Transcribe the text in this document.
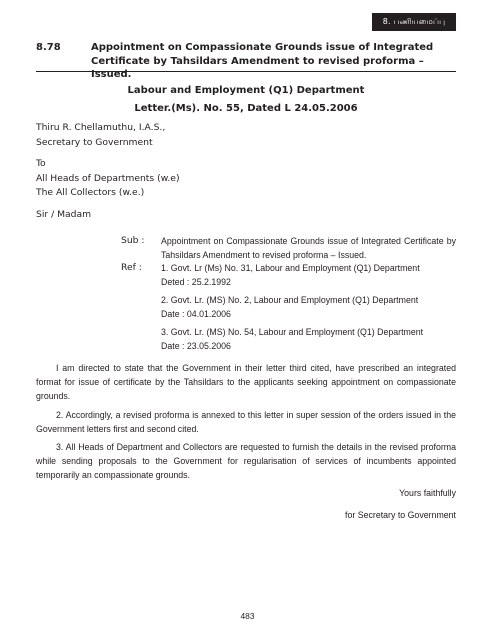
8. பணியமைப்பு
8.78	Appointment on Compassionate Grounds issue of Integrated Certificate by Tahsildars Amendment to revised proforma – Issued.
Labour and Employment (Q1) Department
Letter.(Ms). No. 55, Dated L 24.05.2006
Thiru R. Chellamuthu, I.A.S.,
Secretary to Government
To
All Heads of Departments (w.e)
The All Collectors (w.e.)
Sir / Madam
Sub : Appointment on Compassionate Grounds issue of Integrated Certificate by Tahsildars Amendment to revised proforma – Issued.
Ref : 1. Govt. Lr (Ms) No. 31, Labour and Employment (Q1) Department
Deted : 25.2.1992
2. Govt. Lr. (MS) No. 2, Labour and Employment (Q1) Department
Date : 04.01.2006
3. Govt. Lr. (MS) No. 54, Labour and Employment (Q1) Department
Date : 23.05.2006
I am directed to state that the Government in their letter third cited, have prescribed an integrated format for issue of certificate by the Tahsildars to the applicants seeking appointment on compassionate grounds.
2. Accordingly, a revised proforma is annexed to this letter in super session of the orders issued in the Government letters first and second cited.
3. All Heads of Department and Collectors are requested to furnish the details in the revised proforma while sending proposals to the Government for regularisation of services of incumbents appointed temporarily an compassionate grounds.
Yours faithfully
for Secretary to Government
483
